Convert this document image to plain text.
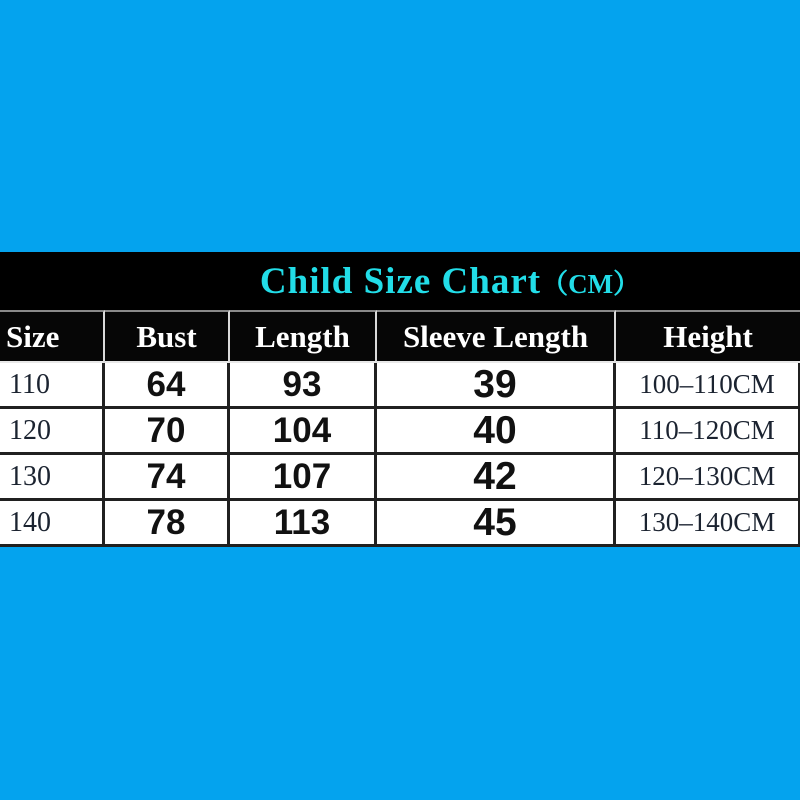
Child Size Chart（CM）
Size	Bust	Length	Sleeve Length	Height
110	64	93	39	100–110CM
120	70	104	40	110–120CM
130	74	107	42	120–130CM
140	78	113	45	130–140CM
